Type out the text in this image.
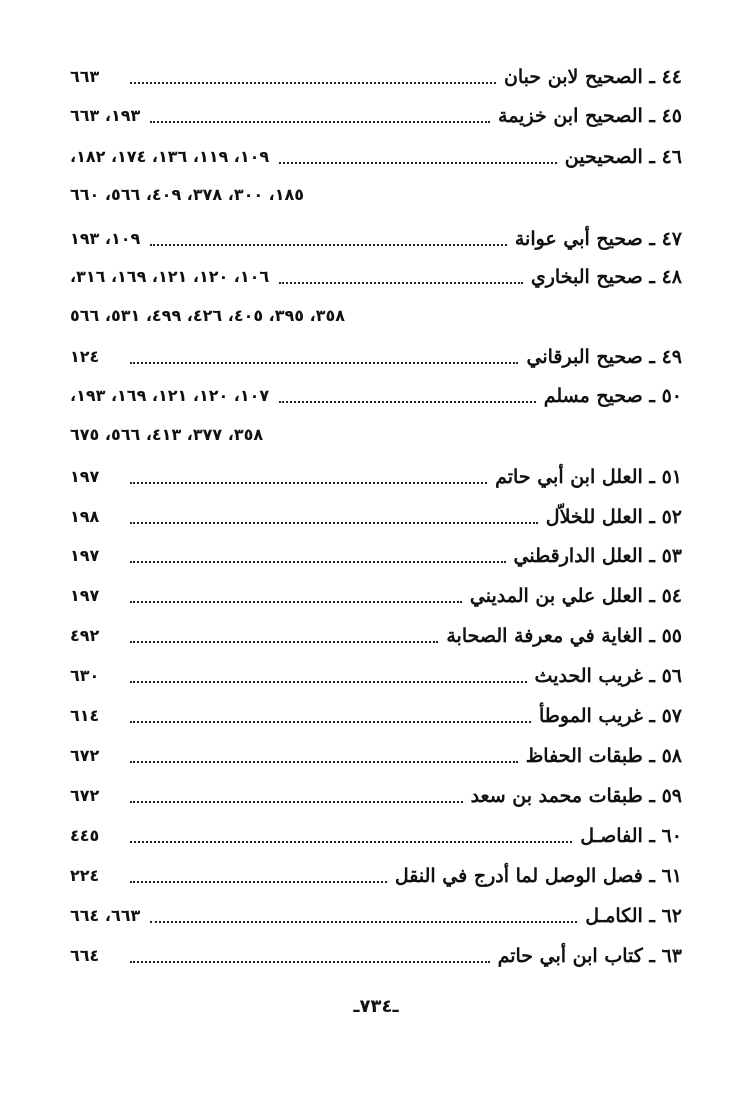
٤٤ ـ الصحيح لابن حبان
٦٦٣
٤٥ ـ الصحيح ابن خزيمة
١٩٣، ٦٦٣
٤٦ ـ الصحيحين
١٠٩، ١١٩، ١٣٦، ١٧٤، ١٨٢،
١٨٥، ٣٠٠، ٣٧٨، ٤٠٩، ٥٦٦، ٦٦٠
٤٧ ـ صحيح أبي عوانة
١٠٩، ١٩٣
٤٨ ـ صحيح البخاري
١٠٦، ١٢٠، ١٢١، ١٦٩، ٣١٦،
٣٥٨، ٣٩٥، ٤٠٥، ٤٢٦، ٤٩٩، ٥٣١، ٥٦٦
٤٩ ـ صحيح البرقاني
١٢٤
٥٠ ـ صحيح مسلم
١٠٧، ١٢٠، ١٢١، ١٦٩، ١٩٣،
٣٥٨، ٣٧٧، ٤١٣، ٥٦٦، ٦٧٥
٥١ ـ العلل ابن أبي حاتم
١٩٧
٥٢ ـ العلل للخلاّل
١٩٨
٥٣ ـ العلل الدارقطني
١٩٧
٥٤ ـ العلل علي بن المديني
١٩٧
٥٥ ـ الغاية في معرفة الصحابة
٤٩٢
٥٦ ـ غريب الحديث
٦٣٠
٥٧ ـ غريب الموطأ
٦١٤
٥٨ ـ طبقات الحفاظ
٦٧٢
٥٩ ـ طبقات محمد بن سعد
٦٧٢
٦٠ ـ الفاصـل
٤٤٥
٦١ ـ فصل الوصل لما أدرج في النقل
٢٢٤
٦٢ ـ الكامـل
٦٦٣، ٦٦٤
٦٣ ـ كتاب ابن أبي حاتم
٦٦٤
ـ٧٣٤ـ
